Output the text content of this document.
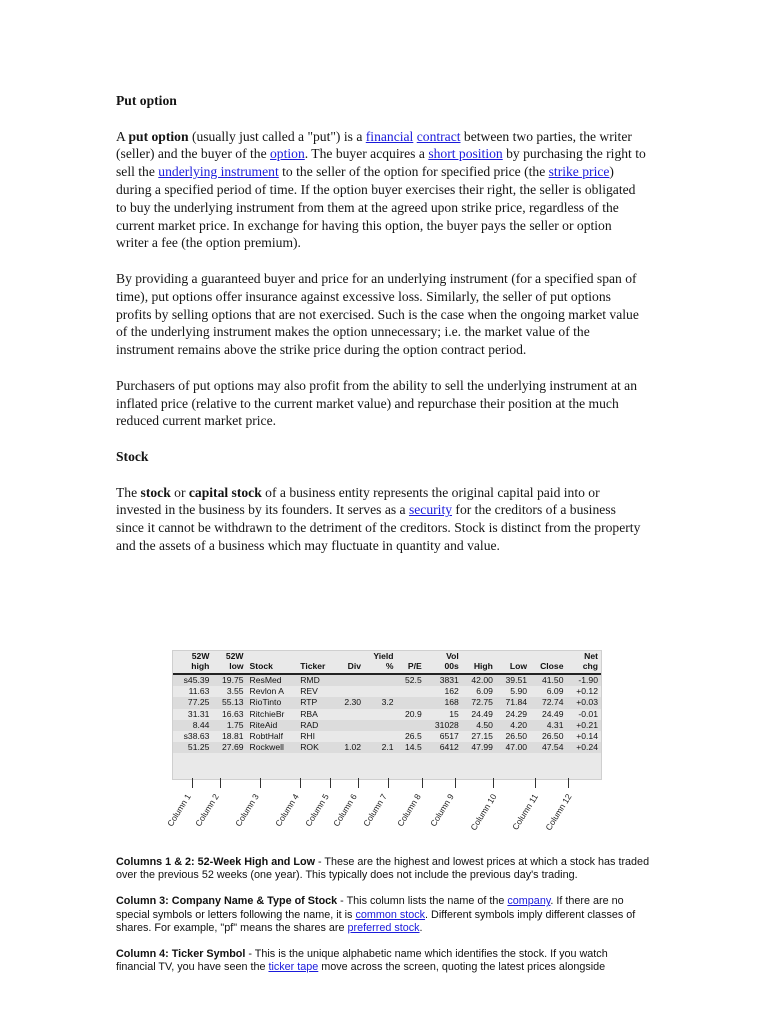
Put option

A put option (usually just called a "put") is a financial contract between two parties, the writer (seller) and the buyer of the option. The buyer acquires a short position by purchasing the right to sell the underlying instrument to the seller of the option for specified price (the strike price) during a specified period of time. If the option buyer exercises their right, the seller is obligated to buy the underlying instrument from them at the agreed upon strike price, regardless of the current market price. In exchange for having this option, the buyer pays the seller or option writer a fee (the option premium).

By providing a guaranteed buyer and price for an underlying instrument (for a specified span of time), put options offer insurance against excessive loss. Similarly, the seller of put options profits by selling options that are not exercised. Such is the case when the ongoing market value of the underlying instrument makes the option unnecessary; i.e. the market value of the instrument remains above the strike price during the option contract period.

Purchasers of put options may also profit from the ability to sell the underlying instrument at an inflated price (relative to the current market value) and repurchase their position at the much reduced current market price.

Stock

The stock or capital stock of a business entity represents the original capital paid into or invested in the business by its founders. It serves as a security for the creditors of a business since it cannot be withdrawn to the detriment of the creditors. Stock is distinct from the property and the assets of a business which may fluctuate in quantity and value.

52W	52W				Yield		Vol				Net
high	low	Stock	Ticker	Div	%	P/E	00s	High	Low	Close	chg
s45.39	19.75	ResMed	RMD			52.5	3831	42.00	39.51	41.50	-1.90
11.63	3.55	Revlon A	REV				162	6.09	5.90	6.09	+0.12
77.25	55.13	RioTinto	RTP	2.30	3.2		168	72.75	71.84	72.74	+0.03
31.31	16.63	RitchieBr	RBA			20.9	15	24.49	24.29	24.49	-0.01
8.44	1.75	RiteAid	RAD				31028	4.50	4.20	4.31	+0.21
s38.63	18.81	RobtHalf	RHI			26.5	6517	27.15	26.50	26.50	+0.14
51.25	27.69	Rockwell	ROK	1.02	2.1	14.5	6412	47.99	47.00	47.54	+0.24
Column 1 Column 2 Column 3 Column 4 Column 5 Column 6 Column 7 Column 8 Column 9 Column 10 Column 11 Column 12

Columns 1 & 2: 52-Week High and Low - These are the highest and lowest prices at which a stock has traded over the previous 52 weeks (one year). This typically does not include the previous day's trading.

Column 3: Company Name & Type of Stock - This column lists the name of the company. If there are no special symbols or letters following the name, it is common stock. Different symbols imply different classes of shares. For example, "pf" means the shares are preferred stock.

Column 4: Ticker Symbol - This is the unique alphabetic name which identifies the stock. If you watch financial TV, you have seen the ticker tape move across the screen, quoting the latest prices alongside
